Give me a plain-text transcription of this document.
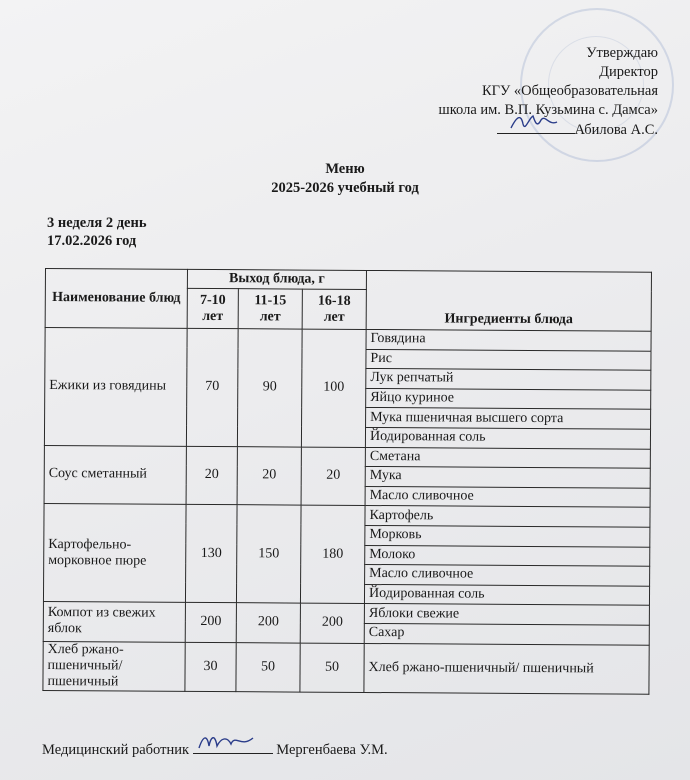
Утверждаю
Директор
КГУ «Общеобразовательная
школа им. В.П. Кузьмина с. Дамса»
Абилова А.С.
Меню
2025-2026 учебный год
3 неделя 2 день
17.02.2026 год
Наименование блюд	Выход блюда, г			Ингредиенты блюда
	7-10 лет	11-15 лет	16-18 лет	
Ежики из говядины	70	90	100	Говядина
				Рис
				Лук репчатый
				Яйцо куриное
				Мука пшеничная высшего сорта
				Йодированная соль
Соус сметанный	20	20	20	Сметана
				Мука
				Масло сливочное
Картофельно-морковное пюре	130	150	180	Картофель
				Морковь
				Молоко
				Масло сливочное
				Йодированная соль
Компот из свежих яблок	200	200	200	Яблоки свежие
				Сахар
Хлеб ржано-пшеничный/ пшеничный	30	50	50	Хлеб ржано-пшеничный/ пшеничный
Медицинский работник	Мергенбаева У.М.
